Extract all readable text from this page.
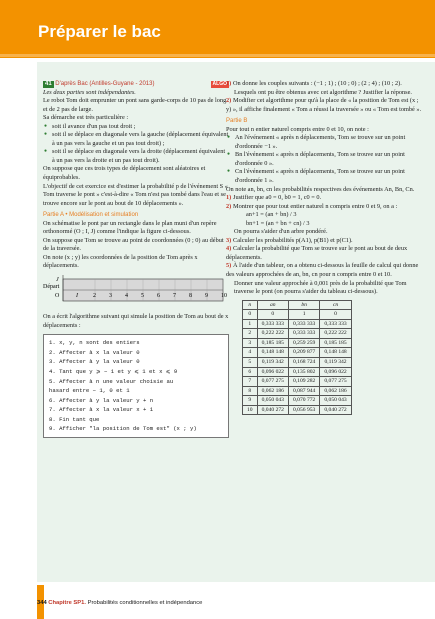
Préparer le bac

41 D'après Bac (Antilles-Guyane - 2013)	ALGO

Les deux parties sont indépendantes.

Le robot Tom doit emprunter un pont sans garde-corps de 10 pas de long et de 2 pas de large.

Sa démarche est très particulière :

● soit il avance d'un pas tout droit ;

● soit il se déplace en diagonale vers la gauche (déplacement équivalent à un pas vers la gauche et un pas tout droit) ;

● soit il se déplace en diagonale vers la droite (déplacement équivalent à un pas vers la droite et un pas tout droit).

On suppose que ces trois types de déplacement sont aléatoires et équiprobables.

L'objectif de cet exercice est d'estimer la probabilité p de l'événement S « Tom traverse le pont » c'est-à-dire « Tom n'est pas tombé dans l'eau et se trouve encore sur le pont au bout de 10 déplacements ».

Partie A • Modélisation et simulation

On schématise le pont par un rectangle dans le plan muni d'un repère orthonormé (O ; I, J) comme l'indique la figure ci-dessous.

On suppose que Tom se trouve au point de coordonnées (0 ; 0) au début de la traversée.

On note (x ; y) les coordonnées de la position de Tom après x déplacements.

J
Départ
O	I	2 3 4 5 6 7 8 9 10

On a écrit l'algorithme suivant qui simule la position de Tom au bout de x déplacements :

1. x, y, n sont des entiers
2. Affecter à x la valeur 0
3. Affecter à y la valeur 0
4. Tant que y ⩾ − 1 et y ⩽ 1 et x ⩽ 9
5. Affecter à n une valeur choisie au
hasard entre − 1, 0 et 1
6. Affecter à y la valeur y + n
7. Affecter à x la valeur x + 1
8. Fin tant que
9. Afficher "la position de Tom est" (x ; y)

1) On donne les couples suivants : (−1 ; 1) ; (10 ; 0) ; (2 ; 4) ; (10 ; 2).

Lesquels ont pu être obtenus avec cet algorithme ? Justifier la réponse.

2) Modifier cet algorithme pour qu'à la place de « la position de Tom est (x ; y) », il affiche finalement « Tom a réussi la traversée » ou « Tom est tombé ».

Partie B

Pour tout n entier naturel compris entre 0 et 10, on note :

● An l'événement « après n déplacements, Tom se trouve sur un point d'ordonnée −1 ».

● Bn l'événement « après n déplacements, Tom se trouve sur un point d'ordonnée 0 ».

● Cn l'événement « après n déplacements, Tom se trouve sur un point d'ordonnée 1 ».

On note an, bn, cn les probabilités respectives des événements An, Bn, Cn.

1) Justifier que a0 = 0, b0 = 1, c0 = 0.

2) Montrer que pour tout entier naturel n compris entre 0 et 9, on a :

an+1 = (an + bn) / 3

bn+1 = (an + bn + cn) / 3

On pourra s'aider d'un arbre pondéré.

3) Calculer les probabilités p(A1), p(B1) et p(C1).

4) Calculer la probabilité que Tom se trouve sur le pont au bout de deux déplacements.

5) À l'aide d'un tableur, on a obtenu ci-dessous la feuille de calcul qui donne des valeurs approchées de an, bn, cn pour n compris entre 0 et 10.

Donner une valeur approchée à 0,001 près de la probabilité que Tom traverse le pont (on pourra s'aider du tableau ci-dessous).

n	an	bn	cn
0	0	1	0
1	0,333 333	0,333 333	0,333 333
2	0,222 222	0,333 333	0,222 222
3	0,185 185	0,259 259	0,185 185
4	0,148 148	0,209 877	0,148 148
5	0,119 342	0,168 724	0,119 342
6	0,096 022	0,135 802	0,096 022
7	0,077 275	0,109 282	0,077 275
8	0,062 186	0,087 944	0,062 186
9	0,050 043	0,070 772	0,050 043
10	0,040 272	0,056 953	0,040 272
344 Chapitre SP1. Probabilités conditionnelles et indépendance
